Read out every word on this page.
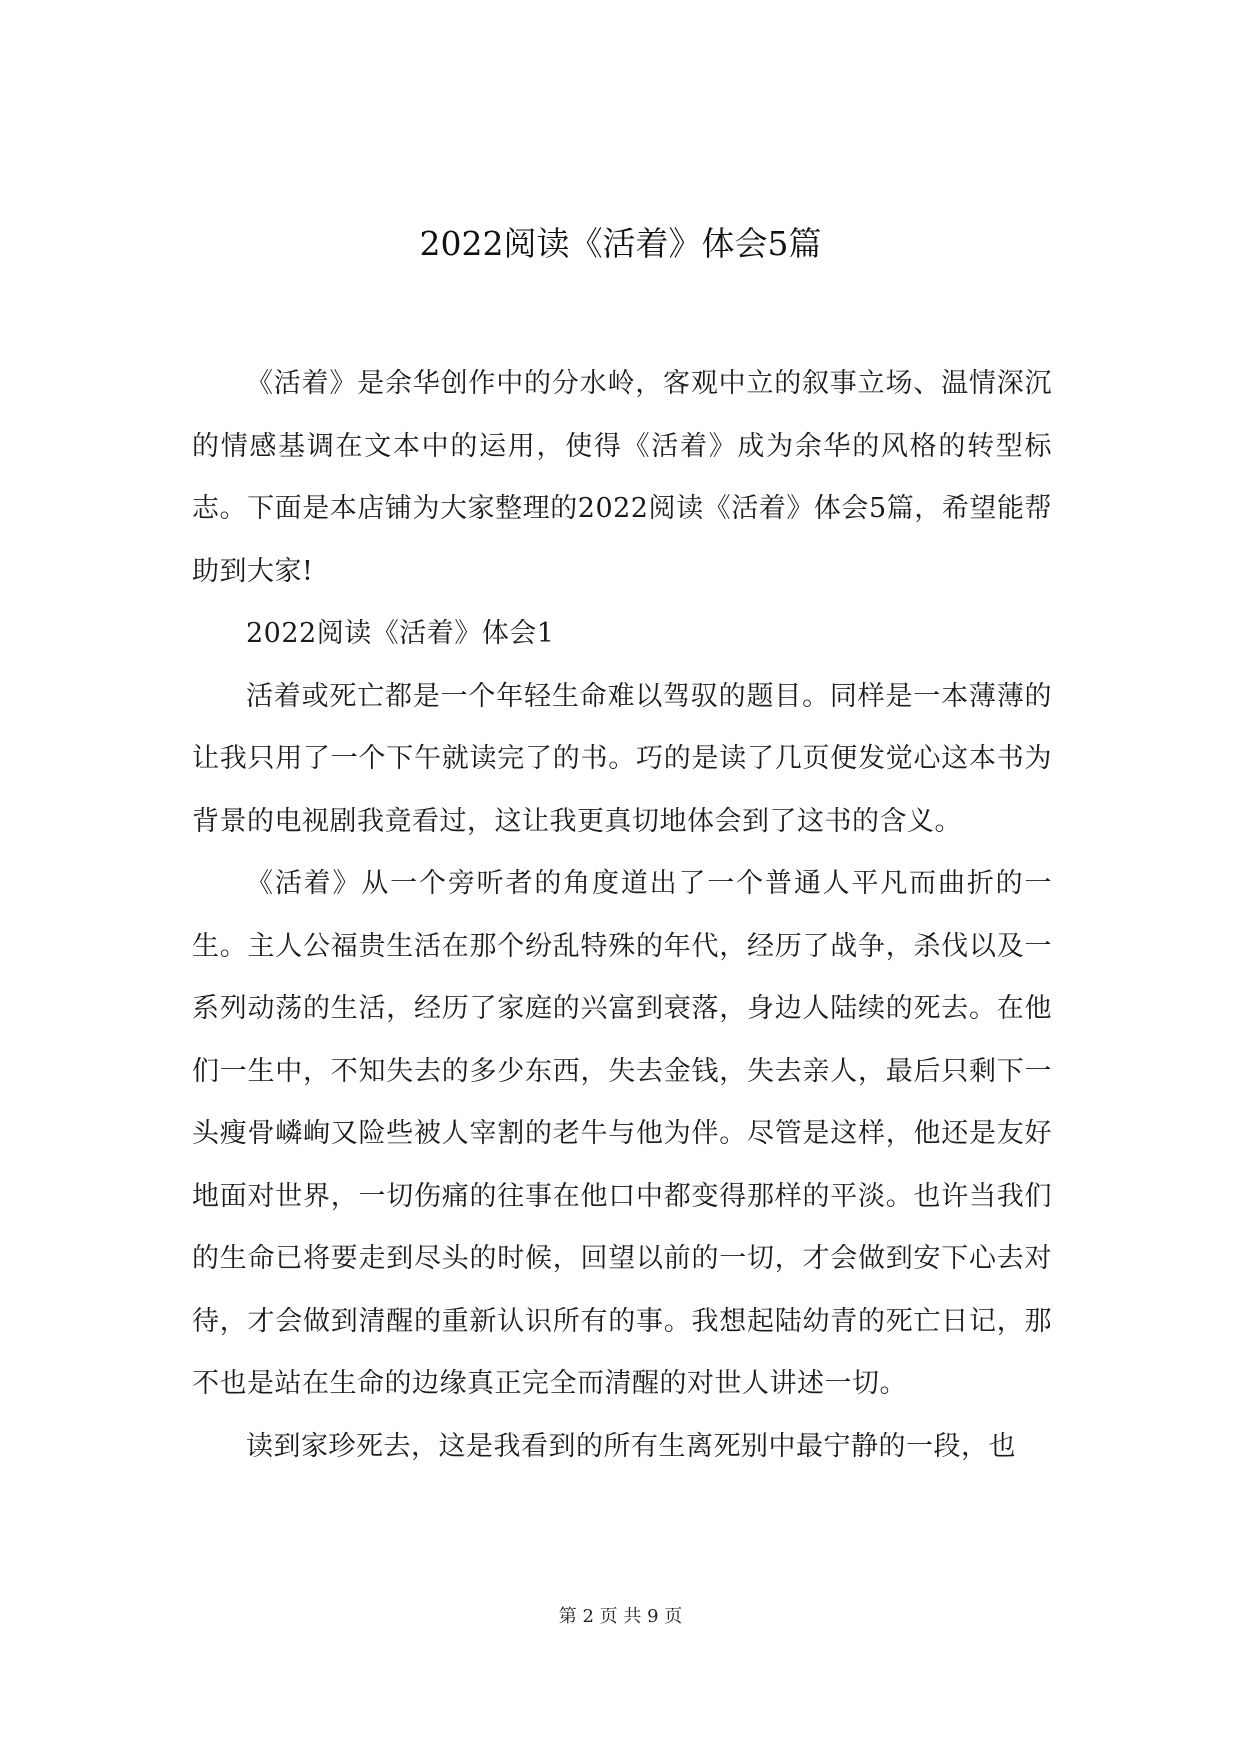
2022阅读《活着》体会5篇

《活着》是余华创作中的分水岭，客观中立的叙事立场、温情深沉的情感基调在文本中的运用，使得《活着》成为余华的风格的转型标志。下面是本店铺为大家整理的2022阅读《活着》体会5篇，希望能帮助到大家!

2022阅读《活着》体会1

活着或死亡都是一个年轻生命难以驾驭的题目。同样是一本薄薄的让我只用了一个下午就读完了的书。巧的是读了几页便发觉心这本书为背景的电视剧我竟看过，这让我更真切地体会到了这书的含义。

《活着》从一个旁听者的角度道出了一个普通人平凡而曲折的一生。主人公福贵生活在那个纷乱特殊的年代，经历了战争，杀伐以及一系列动荡的生活，经历了家庭的兴富到衰落，身边人陆续的死去。在他们一生中，不知失去的多少东西，失去金钱，失去亲人，最后只剩下一头瘦骨嶙峋又险些被人宰割的老牛与他为伴。尽管是这样，他还是友好地面对世界，一切伤痛的往事在他口中都变得那样的平淡。也许当我们的生命已将要走到尽头的时候，回望以前的一切，才会做到安下心去对待，才会做到清醒的重新认识所有的事。我想起陆幼青的死亡日记，那不也是站在生命的边缘真正完全而清醒的对世人讲述一切。

读到家珍死去，这是我看到的所有生离死别中最宁静的一段，也

第 2 页 共 9 页
